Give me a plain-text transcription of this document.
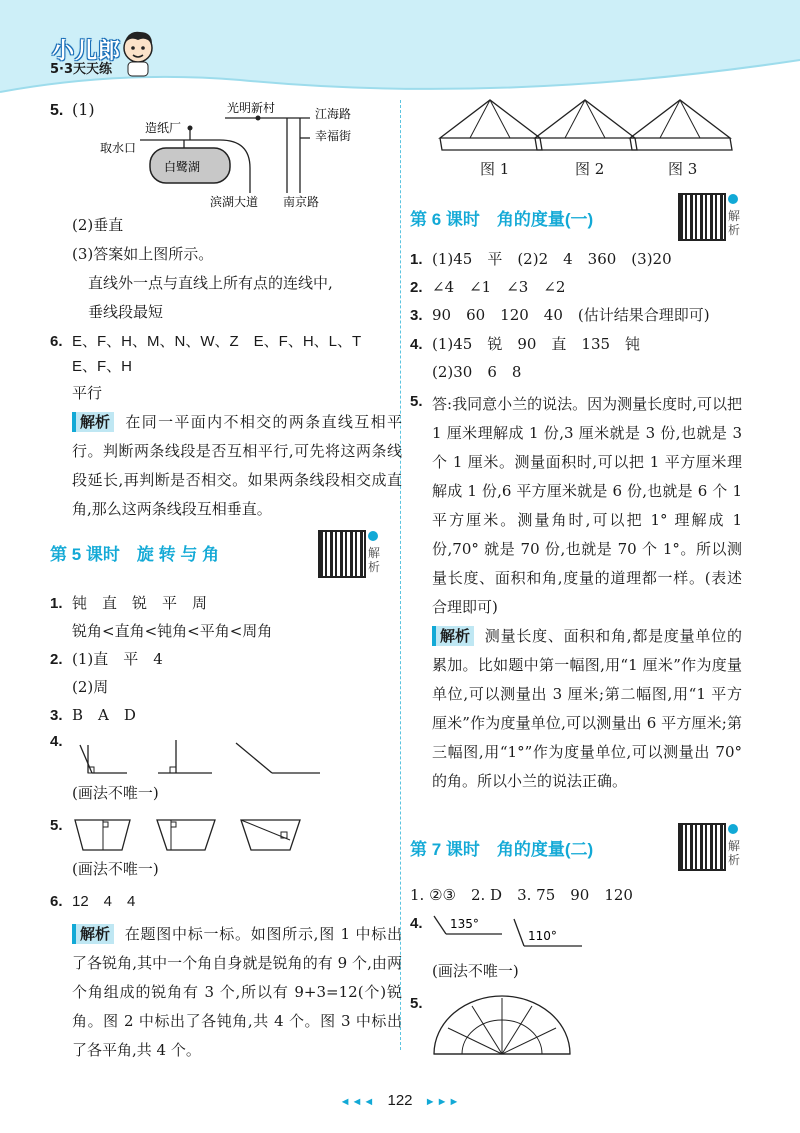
小儿郎
5·3天天练
5. (1)	光明新村	江海路
幸福街
造纸厂
取水口
白鹭湖
滨湖大道 南京路
(2)垂直
(3)答案如上图所示。
直线外一点与直线上所有点的连线中,
垂线段最短
6. E、F、H、M、N、W、Z　E、F、H、L、T
E、F、H
平行
解析 在同一平面内不相交的两条直线互相平行。判断两条线段是否互相平行,可先将这两条线段延长,再判断是否相交。如果两条线段相交成直角,那么这两条线段互相垂直。
第 5 课时　旋 转 与 角	解析
1. 钝　直　锐　平　周
锐角<直角<钝角<平角<周角
2. (1)直　平　4
(2)周
3. B　A　D
4.
(画法不唯一)
5.
(画法不唯一)
6. 12　4　4
解析 在题图中标一标。如图所示,图 1 中标出了各锐角,其中一个角自身就是锐角的有 9 个,由两个角组成的锐角有 3 个,所以有 9+3=12(个)锐角。图 2 中标出了各钝角,共 4 个。图 3 中标出了各平角,共 4 个。
图 1	图 2	图 3
第 6 课时　角的度量(一)	解析
1. (1)45　平　(2)2　4　360　(3)20
2. ∠4　∠1　∠3　∠2
3. 90　60　120　40　(估计结果合理即可)
4. (1)45　锐　90　直　135　钝
(2)30　6　8
5. 答:我同意小兰的说法。因为测量长度时,可以把 1 厘米理解成 1 份,3 厘米就是 3 份,也就是 3 个 1 厘米。测量面积时,可以把 1 平方厘米理解成 1 份,6 平方厘米就是 6 份,也就是 6 个 1 平方厘米。测量角时,可以把 1° 理解成 1 份,70° 就是 70 份,也就是 70 个 1°。所以测量长度、面积和角,度量的道理都一样。(表述合理即可)
解析 测量长度、面积和角,都是度量单位的累加。比如题中第一幅图,用“1 厘米”作为度量单位,可以测量出 3 厘米;第二幅图,用“1 平方厘米”作为度量单位,可以测量出 6 平方厘米;第三幅图,用“1°”作为度量单位,可以测量出 70° 的角。所以小兰的说法正确。
第 7 课时　角的度量(二)	解析
1. ②③　2. D　3. 75　90　120
4.	135°
110°
(画法不唯一)
5.
◄◄◄ 122 ►►►
